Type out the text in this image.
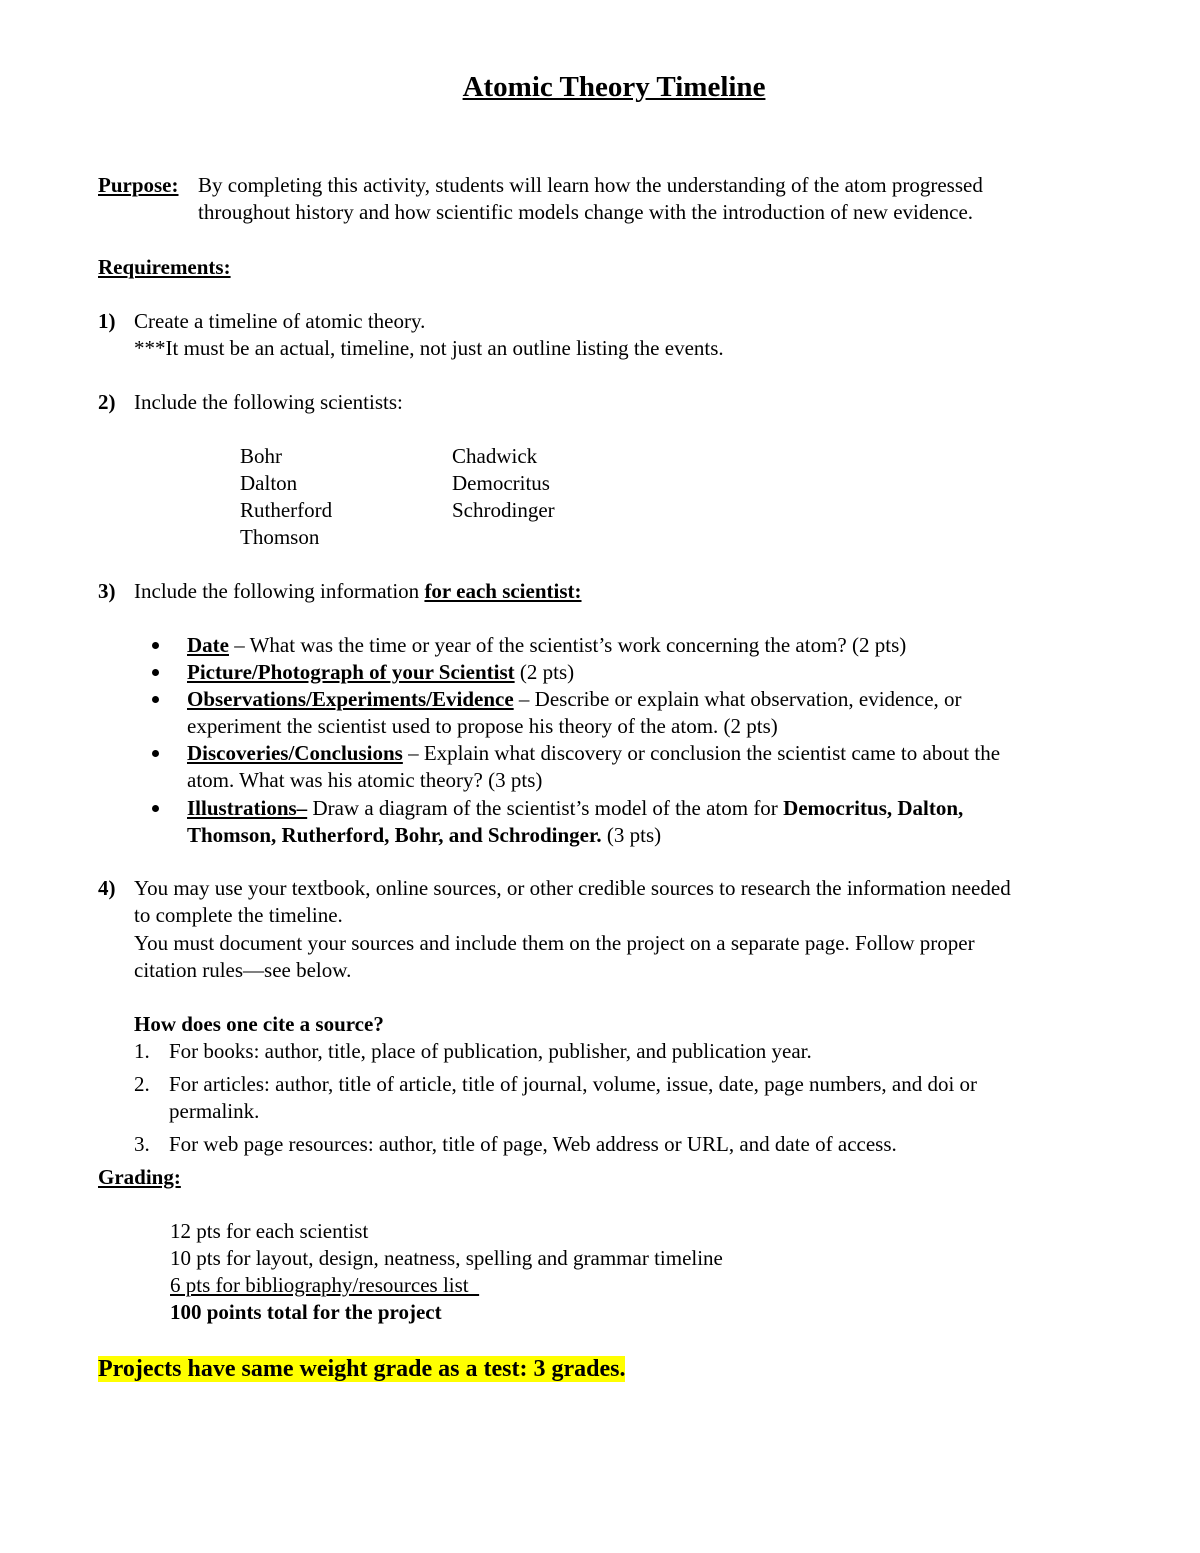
Atomic Theory Timeline
Purpose: By completing this activity, students will learn how the understanding of the atom progressed
throughout history and how scientific models change with the introduction of new evidence.
Requirements:
1) Create a timeline of atomic theory.
***It must be an actual, timeline, not just an outline listing the events.
2) Include the following scientists:
Bohr
Dalton
Rutherford
Thomson
Chadwick
Democritus
Schrodinger
3) Include the following information for each scientist:
Date – What was the time or year of the scientist’s work concerning the atom? (2 pts)
Picture/Photograph of your Scientist (2 pts)
Observations/Experiments/Evidence – Describe or explain what observation, evidence, or
experiment the scientist used to propose his theory of the atom. (2 pts)
Discoveries/Conclusions – Explain what discovery or conclusion the scientist came to about the
atom. What was his atomic theory? (3 pts)
Illustrations– Draw a diagram of the scientist’s model of the atom for Democritus, Dalton,
Thomson, Rutherford, Bohr, and Schrodinger. (3 pts)
4) You may use your textbook, online sources, or other credible sources to research the information needed
to complete the timeline.
You must document your sources and include them on the project on a separate page. Follow proper
citation rules—see below.
How does one cite a source?
1. For books: author, title, place of publication, publisher, and publication year.
2. For articles: author, title of article, title of journal, volume, issue, date, page numbers, and doi or
permalink.
3. For web page resources: author, title of page, Web address or URL, and date of access.
Grading:
12 pts for each scientist
10 pts for layout, design, neatness, spelling and grammar timeline
6 pts for bibliography/resources list
100 points total for the project
Projects have same weight grade as a test: 3 grades.
